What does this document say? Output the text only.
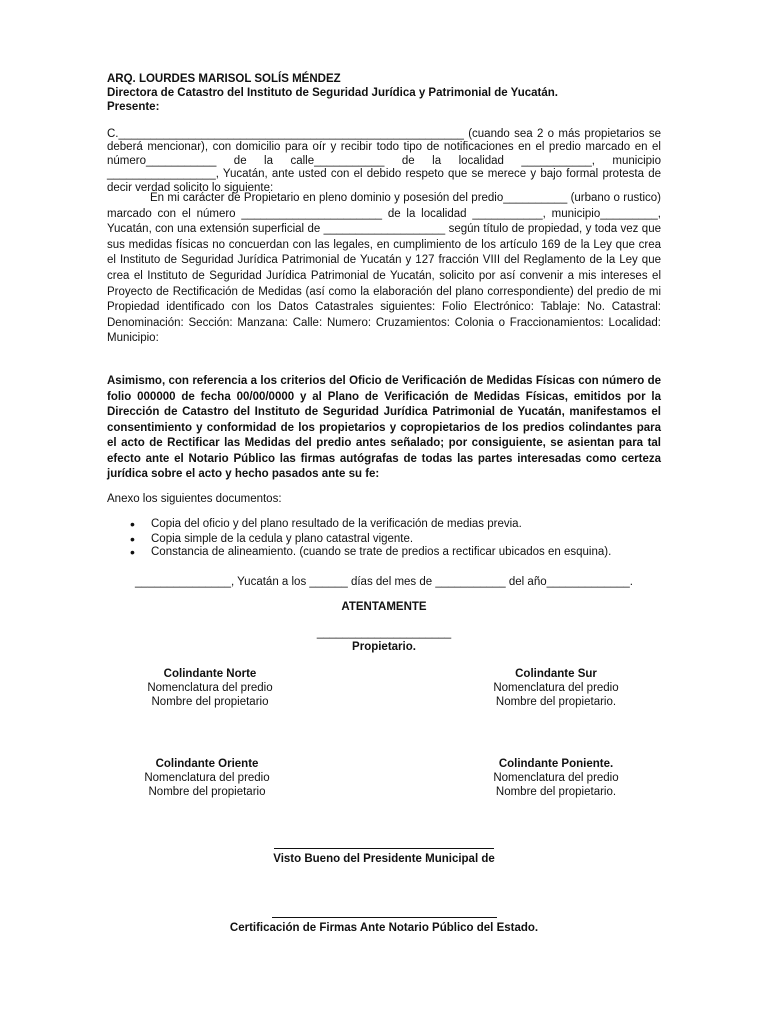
ARQ. LOURDES MARISOL SOLÍS MÉNDEZ
Directora de Catastro del Instituto de Seguridad Jurídica y Patrimonial de Yucatán.
Presente:
C.______________________________________________________ (cuando sea 2 o más propietarios se deberá mencionar), con domicilio para oír y recibir todo tipo de notificaciones en el predio marcado en el número___________ de la calle___________ de la localidad ___________, municipio _________________, Yucatán, ante usted con el debido respeto que se merece y bajo formal protesta de decir verdad solicito lo siguiente:
En mi carácter de Propietario en pleno dominio y posesión del predio__________ (urbano o rustico) marcado con el número ______________________ de la localidad ___________, municipio_________, Yucatán, con una extensión superficial de ___________________ según título de propiedad, y toda vez que sus medidas físicas no concuerdan con las legales, en cumplimiento de los artículo 169 de la Ley que crea el Instituto de Seguridad Jurídica Patrimonial de Yucatán y 127 fracción VIII del Reglamento de la Ley que crea el Instituto de Seguridad Jurídica Patrimonial de Yucatán, solicito por así convenir a mis intereses el Proyecto de Rectificación de Medidas (así como la elaboración del plano correspondiente) del predio de mi Propiedad identificado con los Datos Catastrales siguientes: Folio Electrónico: Tablaje: No. Catastral: Denominación: Sección: Manzana: Calle: Numero: Cruzamientos: Colonia o Fraccionamientos: Localidad: Municipio:
Asimismo, con referencia a los criterios del Oficio de Verificación de Medidas Físicas con número de folio 000000 de fecha 00/00/0000 y al Plano de Verificación de Medidas Físicas, emitidos por la Dirección de Catastro del Instituto de Seguridad Jurídica Patrimonial de Yucatán, manifestamos el consentimiento y conformidad de los propietarios y copropietarios de los predios colindantes para el acto de Rectificar las Medidas del predio antes señalado; por consiguiente, se asientan para tal efecto ante el Notario Público las firmas autógrafas de todas las partes interesadas como certeza jurídica sobre el acto y hecho pasados ante su fe:
Anexo los siguientes documentos:
• Copia del oficio y del plano resultado de la verificación de medias previa.
• Copia simple de la cedula y plano catastral vigente.
• Constancia de alineamiento. (cuando se trate de predios a rectificar ubicados en esquina).
_______________, Yucatán a los ______ días del mes de ___________ del año_____________.
ATENTAMENTE
_____________________
Propietario.
Colindante Norte
Nomenclatura del predio
Nombre del propietario
Colindante Sur
Nomenclatura del predio
Nombre del propietario.
Colindante Oriente
Nomenclatura del predio
Nombre del propietario
Colindante Poniente.
Nomenclatura del predio
Nombre del propietario.
Visto Bueno del Presidente Municipal de
Certificación de Firmas Ante Notario Público del Estado.
